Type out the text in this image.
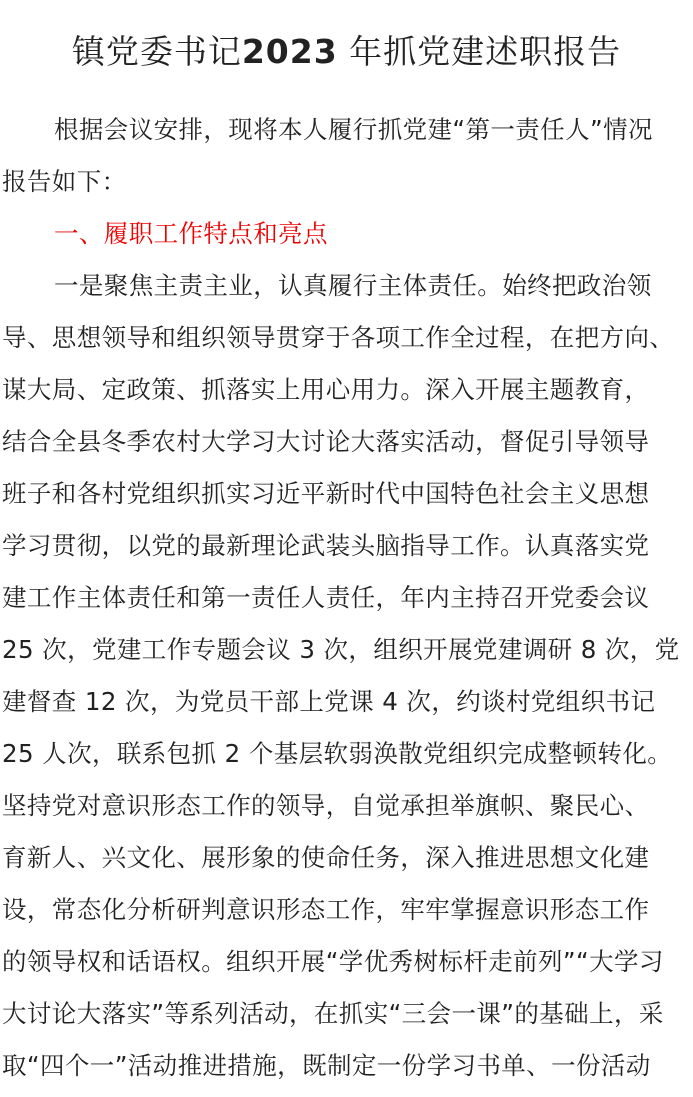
镇党委书记2023 年抓党建述职报告
根据会议安排，现将本人履行抓党建“第一责任人”情况
报告如下：
一、履职工作特点和亮点
一是聚焦主责主业，认真履行主体责任。始终把政治领
导、思想领导和组织领导贯穿于各项工作全过程，在把方向、
谋大局、定政策、抓落实上用心用力。深入开展主题教育，
结合全县冬季农村大学习大讨论大落实活动，督促引导领导
班子和各村党组织抓实习近平新时代中国特色社会主义思想
学习贯彻，以党的最新理论武装头脑指导工作。认真落实党
建工作主体责任和第一责任人责任，年内主持召开党委会议
25 次，党建工作专题会议 3 次，组织开展党建调研 8 次，党
建督查 12 次，为党员干部上党课 4 次，约谈村党组织书记
25 人次，联系包抓 2 个基层软弱涣散党组织完成整顿转化。
坚持党对意识形态工作的领导，自觉承担举旗帜、聚民心、
育新人、兴文化、展形象的使命任务，深入推进思想文化建
设，常态化分析研判意识形态工作，牢牢掌握意识形态工作
的领导权和话语权。组织开展“学优秀树标杆走前列”“大学习
大讨论大落实”等系列活动，在抓实“三会一课”的基础上，采
取“四个一”活动推进措施，既制定一份学习书单、一份活动
